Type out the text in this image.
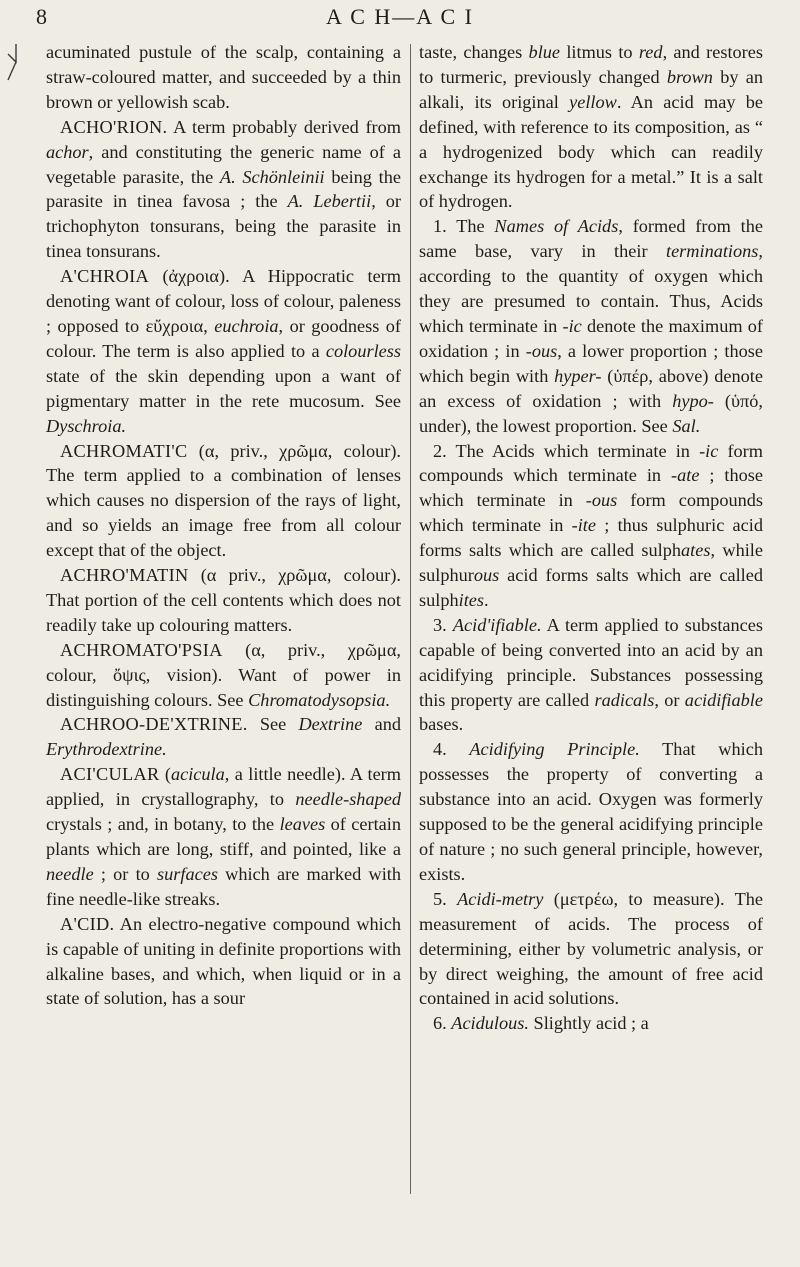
8	A C H—A C I

acuminated pustule of the scalp, containing a straw-coloured matter, and succeeded by a thin brown or yellowish scab.

ACHO'RION. A term probably derived from achor, and constituting the generic name of a vegetable parasite, the A. Schönleinii being the parasite in tinea favosa ; the A. Lebertii, or trichophyton tonsurans, being the parasite in tinea tonsurans.

A'CHROIA (ἀχροια). A Hippocratic term denoting want of colour, loss of colour, paleness ; opposed to εὔχροια, euchroia, or goodness of colour. The term is also applied to a colourless state of the skin depending upon a want of pigmentary matter in the rete mucosum. See Dyschroia.

ACHROMATI'C (α, priv., χρῶμα, colour). The term applied to a combination of lenses which causes no dispersion of the rays of light, and so yields an image free from all colour except that of the object.

ACHRO'MATIN (α priv., χρῶμα, colour). That portion of the cell contents which does not readily take up colouring matters.

ACHROMATO'PSIA (α, priv., χρῶμα, colour, ὄψις, vision). Want of power in distinguishing colours. See Chromatodysopsia.

ACHROO-DE'XTRINE. See Dextrine and Erythrodextrine.

ACI'CULAR (acicula, a little needle). A term applied, in crystallography, to needle-shaped crystals ; and, in botany, to the leaves of certain plants which are long, stiff, and pointed, like a needle ; or to surfaces which are marked with fine needle-like streaks.

A'CID. An electro-negative compound which is capable of uniting in definite proportions with alkaline bases, and which, when liquid or in a state of solution, has a sour

taste, changes blue litmus to red, and restores to turmeric, previously changed brown by an alkali, its original yellow. An acid may be defined, with reference to its composition, as “ a hydrogenized body which can readily exchange its hydrogen for a metal.” It is a salt of hydrogen.

1. The Names of Acids, formed from the same base, vary in their terminations, according to the quantity of oxygen which they are presumed to contain. Thus, Acids which terminate in -ic denote the maximum of oxidation ; in -ous, a lower proportion ; those which begin with hyper- (ὑπέρ, above) denote an excess of oxidation ; with hypo- (ὑπό, under), the lowest proportion. See Sal.

2. The Acids which terminate in -ic form compounds which terminate in -ate ; those which terminate in -ous form compounds which terminate in -ite ; thus sulphuric acid forms salts which are called sulphates, while sulphurous acid forms salts which are called sulphites.

3. Acid'ifiable. A term applied to substances capable of being converted into an acid by an acidifying principle. Substances possessing this property are called radicals, or acidifiable bases.

4. Acidifying Principle. That which possesses the property of converting a substance into an acid. Oxygen was formerly supposed to be the general acidifying principle of nature ; no such general principle, however, exists.

5. Acidi-metry (μετρέω, to measure). The measurement of acids. The process of determining, either by volumetric analysis, or by direct weighing, the amount of free acid contained in acid solutions.

6. Acidulous. Slightly acid ; a
